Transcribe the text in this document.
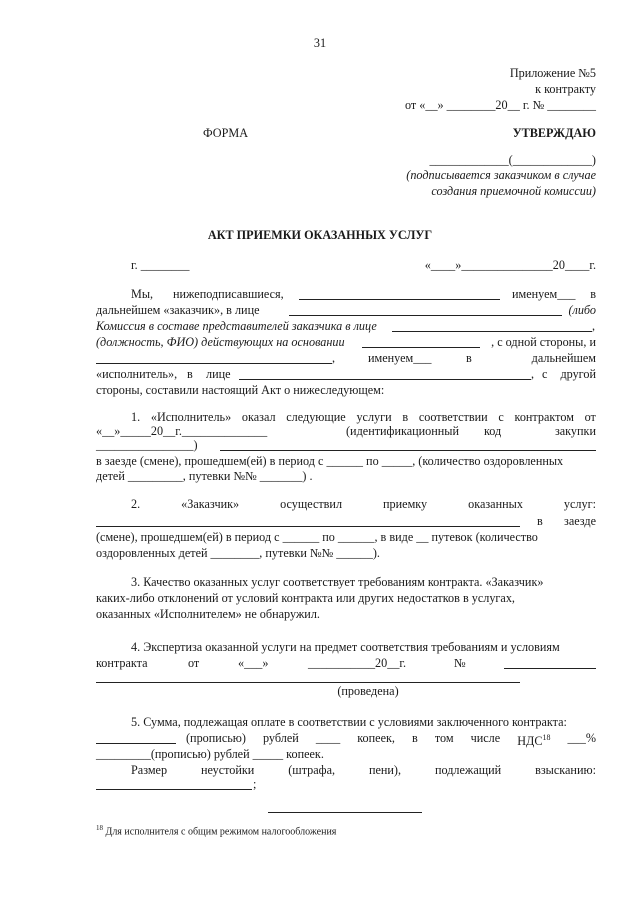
31
Приложение №5
к контракту
от «__» ________20__ г. № ________
ФОРМА	УТВЕРЖДАЮ
_____________(_____________)
(подписывается заказчиком в случае
создания приемочной комиссии)
АКТ ПРИЕМКИ ОКАЗАННЫХ УСЛУГ
г. ________	«____»_______________20____г.
Мы, нижеподписавшиеся,	именуем___	в
дальнейшем «заказчик», в лице	(либо
Комиссия в составе представителей заказчика в лице	,
(должность, ФИО) действующих на основании	, с одной стороны, и
,	именуем___	в	дальнейшем
«исполнитель», в лице	, с	другой
стороны, составили настоящий Акт о нижеследующем:
1. «Исполнитель» оказал следующие услуги в соответствии с контрактом от
«__»_____20__г.______________	(идентификационный код	закупки
________________)
в заезде (смене), прошедшем(ей) в период с ______ по _____, (количество оздоровленных
детей _________, путевки №№ _______) .
2.	«Заказчик»	осуществил	приемку	оказанных	услуг:
в	заезде
(смене), прошедшем(ей) в период с ______ по ______, в виде __ путевок (количество
оздоровленных детей ________, путевки №№ ______).
3. Качество оказанных услуг соответствует требованиям контракта. «Заказчик»
каких-либо отклонений от условий контракта или других недостатков в услугах,
оказанных «Исполнителем» не обнаружил.
4. Экспертиза оказанной услуги на предмет соответствия требованиям и условиям
контракта	от	«___»	___________20__г.	№
(проведена)
5. Сумма, подлежащая оплате в соответствии с условиями заключенного контракта:
(прописью) рублей ____ копеек, в том числе НДС$^{18}$ ___%
_________(прописью) рублей _____ копеек.
Размер	неустойки	(штрафа,	пени),	подлежащий	взысканию:
;
$^{18}$ Для исполнителя с общим режимом налогообложения
